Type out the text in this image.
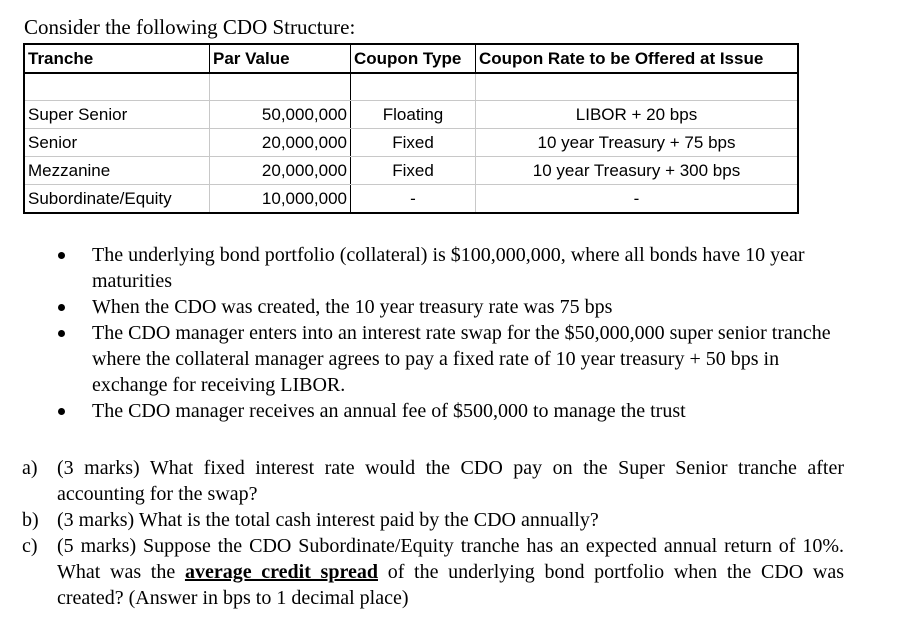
Consider the following CDO Structure:
Tranche	Par Value	Coupon Type	Coupon Rate to be Offered at Issue

Super Senior	50,000,000	Floating	LIBOR + 20 bps
Senior	20,000,000	Fixed	10 year Treasury + 75 bps
Mezzanine	20,000,000	Fixed	10 year Treasury + 300 bps
Subordinate/Equity	10,000,000	-	-
The underlying bond portfolio (collateral) is $100,000,000, where all bonds have 10 year maturities
When the CDO was created, the 10 year treasury rate was 75 bps
The CDO manager enters into an interest rate swap for the $50,000,000 super senior tranche where the collateral manager agrees to pay a fixed rate of 10 year treasury + 50 bps in exchange for receiving LIBOR.
The CDO manager receives an annual fee of $500,000 to manage the trust
a) (3 marks) What fixed interest rate would the CDO pay on the Super Senior tranche after accounting for the swap?
b) (3 marks) What is the total cash interest paid by the CDO annually?
c) (5 marks) Suppose the CDO Subordinate/Equity tranche has an expected annual return of 10%. What was the average credit spread of the underlying bond portfolio when the CDO was created? (Answer in bps to 1 decimal place)
